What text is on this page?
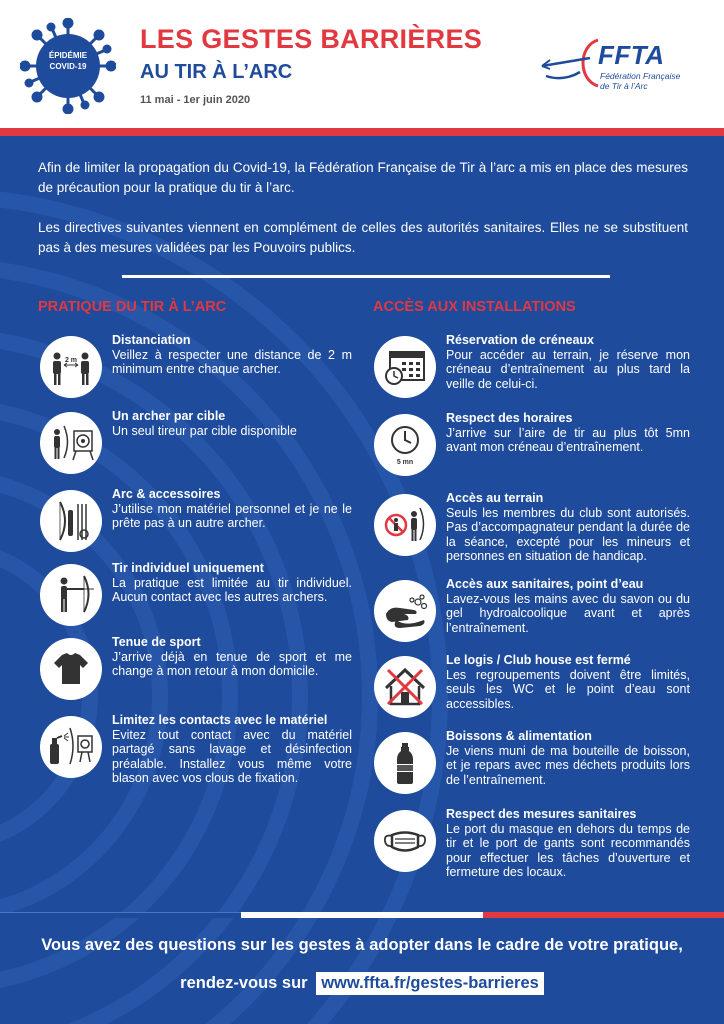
ÉPIDÉMIE
COVID-19
LES GESTES BARRIÈRES
AU TIR À L’ARC
11 mai - 1er juin 2020
FFTA
Fédération Française
de Tir à l’Arc

Afin de limiter la propagation du Covid-19, la Fédération Française de Tir à l’arc a mis en place des mesures de précaution pour la pratique du tir à l’arc.

Les directives suivantes viennent en complément de celles des autorités sanitaires. Elles ne se substituent pas à des mesures validées par les Pouvoirs publics.

PRATIQUE DU TIR À L’ARC	ACCÈS AUX INSTALLATIONS
2 m
Distanciation
Veillez à respecter une distance de 2 m minimum entre chaque archer.
Un archer par cible
Un seul tireur par cible disponible
Arc & accessoires
J’utilise mon matériel personnel et je ne le prête pas à un autre archer.
Tir individuel uniquement
La pratique est limitée au tir individuel. Aucun contact avec les autres archers.
Tenue de sport
J’arrive déjà en tenue de sport et me change à mon retour à mon domicile.
Limitez les contacts avec le matériel
Evitez tout contact avec du matériel partagé sans lavage et désinfection préalable. Installez vous même votre blason avec vos clous de fixation.
Réservation de créneaux
Pour accéder au terrain, je réserve mon créneau d’entraînement au plus tard la veille de celui-ci.
5 mn
Respect des horaires
J’arrive sur l’aire de tir au plus tôt 5mn avant mon créneau d’entraînement.
Accès au terrain
Seuls les membres du club sont autorisés. Pas d’accompagnateur pendant la durée de la séance, excepté pour les mineurs et personnes en situation de handicap.
Accès aux sanitaires, point d’eau
Lavez-vous les mains avec du savon ou du gel hydroalcoolique avant et après l’entraînement.
Le logis / Club house est fermé
Les regroupements doivent être limités, seuls les WC et le point d’eau sont accessibles.
Boissons & alimentation
Je viens muni de ma bouteille de boisson, et je repars avec mes déchets produits lors de l’entraînement.
Respect des mesures sanitaires
Le port du masque en dehors du temps de tir et le port de gants sont recommandés pour effectuer les tâches d’ouverture et fermeture des locaux.
Vous avez des questions sur les gestes à adopter dans le cadre de votre pratique,
rendez-vous sur www.ffta.fr/gestes-barrieres
